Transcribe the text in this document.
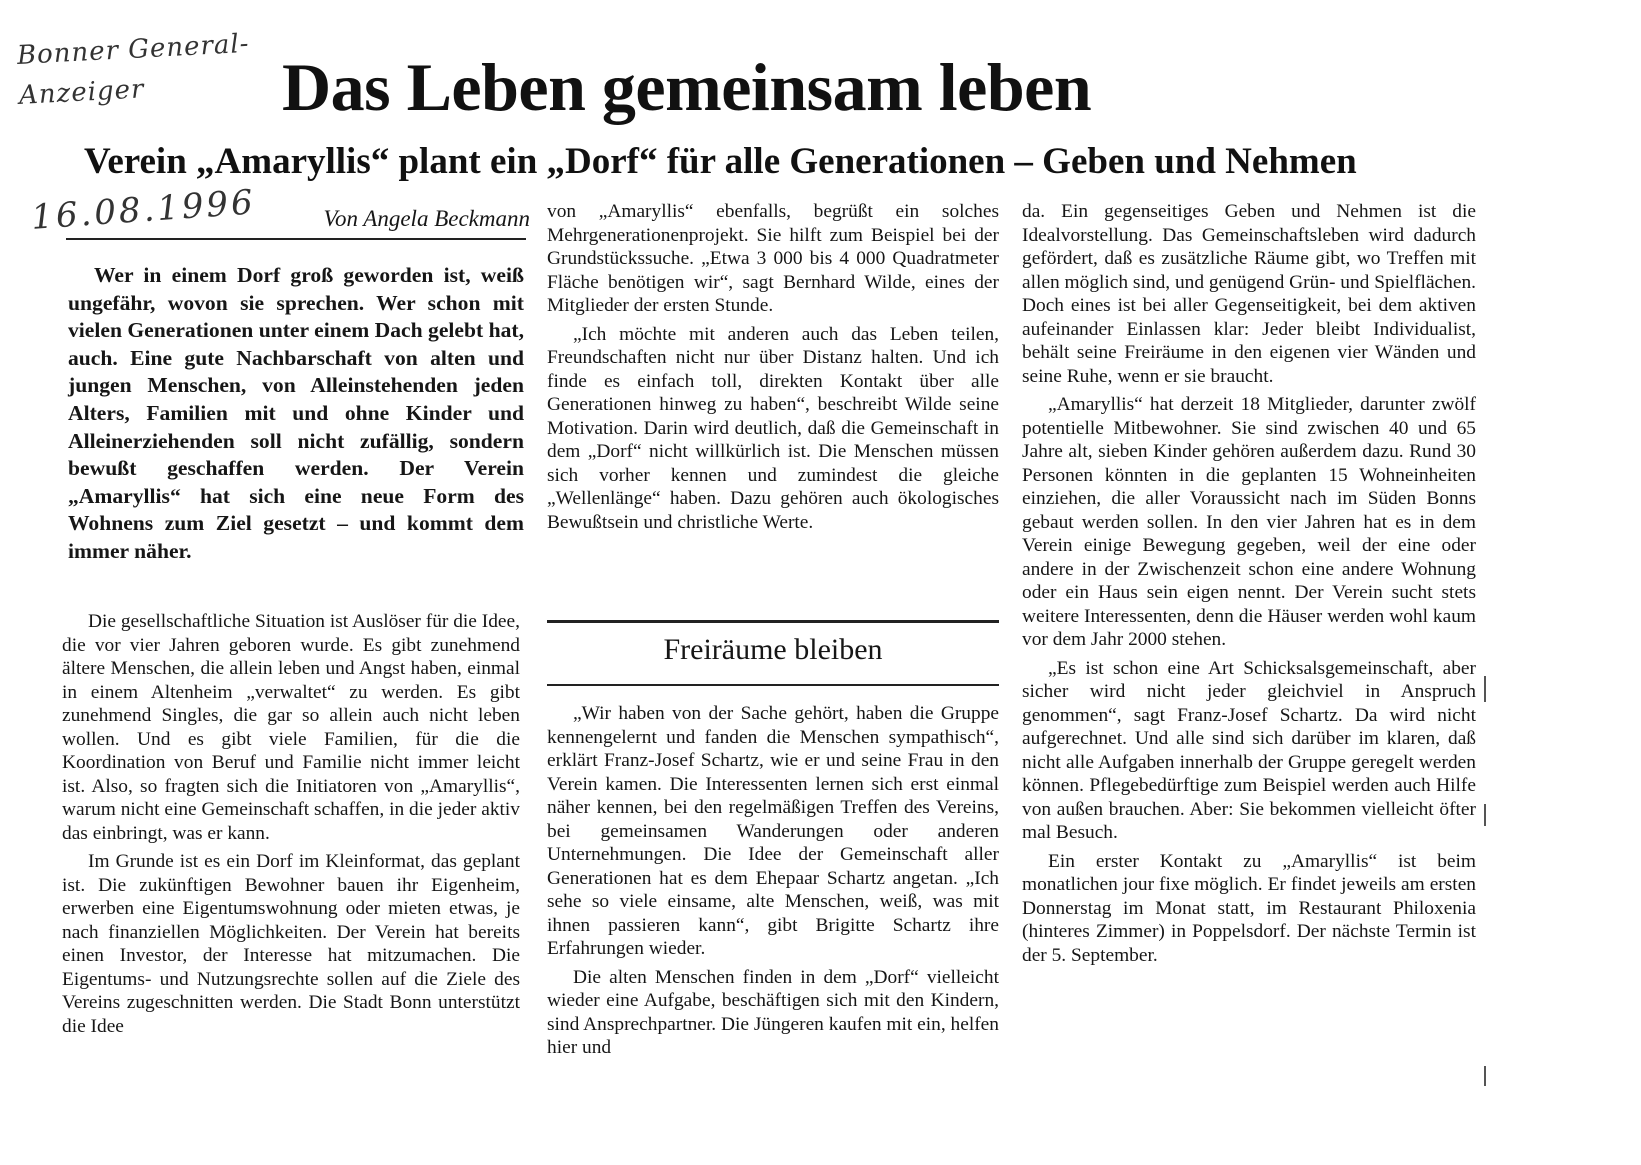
Bonner General-Anzeiger
16.08.1996
Das Leben gemeinsam leben
Verein „Amaryllis“ plant ein „Dorf“ für alle Generationen – Geben und Nehmen
Von Angela Beckmann

Wer in einem Dorf groß geworden ist, weiß ungefähr, wovon sie sprechen. Wer schon mit vielen Generationen unter einem Dach gelebt hat, auch. Eine gute Nachbarschaft von alten und jungen Menschen, von Alleinstehenden jeden Alters, Familien mit und ohne Kinder und Alleinerziehenden soll nicht zufällig, sondern bewußt geschaffen werden. Der Verein „Amaryllis“ hat sich eine neue Form des Wohnens zum Ziel gesetzt – und kommt dem immer näher.

Die gesellschaftliche Situation ist Auslöser für die Idee, die vor vier Jahren geboren wurde. Es gibt zunehmend ältere Menschen, die allein leben und Angst haben, einmal in einem Altenheim „verwaltet“ zu werden. Es gibt zunehmend Singles, die gar so allein auch nicht leben wollen. Und es gibt viele Familien, für die die Koordination von Beruf und Familie nicht immer leicht ist. Also, so fragten sich die Initiatoren von „Amaryllis“, warum nicht eine Gemeinschaft schaffen, in die jeder aktiv das einbringt, was er kann.

Im Grunde ist es ein Dorf im Kleinformat, das geplant ist. Die zukünftigen Bewohner bauen ihr Eigenheim, erwerben eine Eigentumswohnung oder mieten etwas, je nach finanziellen Möglichkeiten. Der Verein hat bereits einen Investor, der Interesse hat mitzumachen. Die Eigentums- und Nutzungsrechte sollen auf die Ziele des Vereins zugeschnitten werden. Die Stadt Bonn unterstützt die Idee

von „Amaryllis“ ebenfalls, begrüßt ein solches Mehrgenerationenprojekt. Sie hilft zum Beispiel bei der Grundstückssuche. „Etwa 3 000 bis 4 000 Quadratmeter Fläche benötigen wir“, sagt Bernhard Wilde, eines der Mitglieder der ersten Stunde.

„Ich möchte mit anderen auch das Leben teilen, Freundschaften nicht nur über Distanz halten. Und ich finde es einfach toll, direkten Kontakt über alle Generationen hinweg zu haben“, beschreibt Wilde seine Motivation. Darin wird deutlich, daß die Gemeinschaft in dem „Dorf“ nicht willkürlich ist. Die Menschen müssen sich vorher kennen und zumindest die gleiche „Wellenlänge“ haben. Dazu gehören auch ökologisches Bewußtsein und christliche Werte.

Freiräume bleiben

„Wir haben von der Sache gehört, haben die Gruppe kennengelernt und fanden die Menschen sympathisch“, erklärt Franz-Josef Schartz, wie er und seine Frau in den Verein kamen. Die Interessenten lernen sich erst einmal näher kennen, bei den regelmäßigen Treffen des Vereins, bei gemeinsamen Wanderungen oder anderen Unternehmungen. Die Idee der Gemeinschaft aller Generationen hat es dem Ehepaar Schartz angetan. „Ich sehe so viele einsame, alte Menschen, weiß, was mit ihnen passieren kann“, gibt Brigitte Schartz ihre Erfahrungen wieder.

Die alten Menschen finden in dem „Dorf“ vielleicht wieder eine Aufgabe, beschäftigen sich mit den Kindern, sind Ansprechpartner. Die Jüngeren kaufen mit ein, helfen hier und

da. Ein gegenseitiges Geben und Nehmen ist die Idealvorstellung. Das Gemeinschaftsleben wird dadurch gefördert, daß es zusätzliche Räume gibt, wo Treffen mit allen möglich sind, und genügend Grün- und Spielflächen. Doch eines ist bei aller Gegenseitigkeit, bei dem aktiven aufeinander Einlassen klar: Jeder bleibt Individualist, behält seine Freiräume in den eigenen vier Wänden und seine Ruhe, wenn er sie braucht.

„Amaryllis“ hat derzeit 18 Mitglieder, darunter zwölf potentielle Mitbewohner. Sie sind zwischen 40 und 65 Jahre alt, sieben Kinder gehören außerdem dazu. Rund 30 Personen könnten in die geplanten 15 Wohneinheiten einziehen, die aller Voraussicht nach im Süden Bonns gebaut werden sollen. In den vier Jahren hat es in dem Verein einige Bewegung gegeben, weil der eine oder andere in der Zwischenzeit schon eine andere Wohnung oder ein Haus sein eigen nennt. Der Verein sucht stets weitere Interessenten, denn die Häuser werden wohl kaum vor dem Jahr 2000 stehen.

„Es ist schon eine Art Schicksalsgemeinschaft, aber sicher wird nicht jeder gleichviel in Anspruch genommen“, sagt Franz-Josef Schartz. Da wird nicht aufgerechnet. Und alle sind sich darüber im klaren, daß nicht alle Aufgaben innerhalb der Gruppe geregelt werden können. Pflegebedürftige zum Beispiel werden auch Hilfe von außen brauchen. Aber: Sie bekommen vielleicht öfter mal Besuch.

Ein erster Kontakt zu „Amaryllis“ ist beim monatlichen jour fixe möglich. Er findet jeweils am ersten Donnerstag im Monat statt, im Restaurant Philoxenia (hinteres Zimmer) in Poppelsdorf. Der nächste Termin ist der 5. September.
